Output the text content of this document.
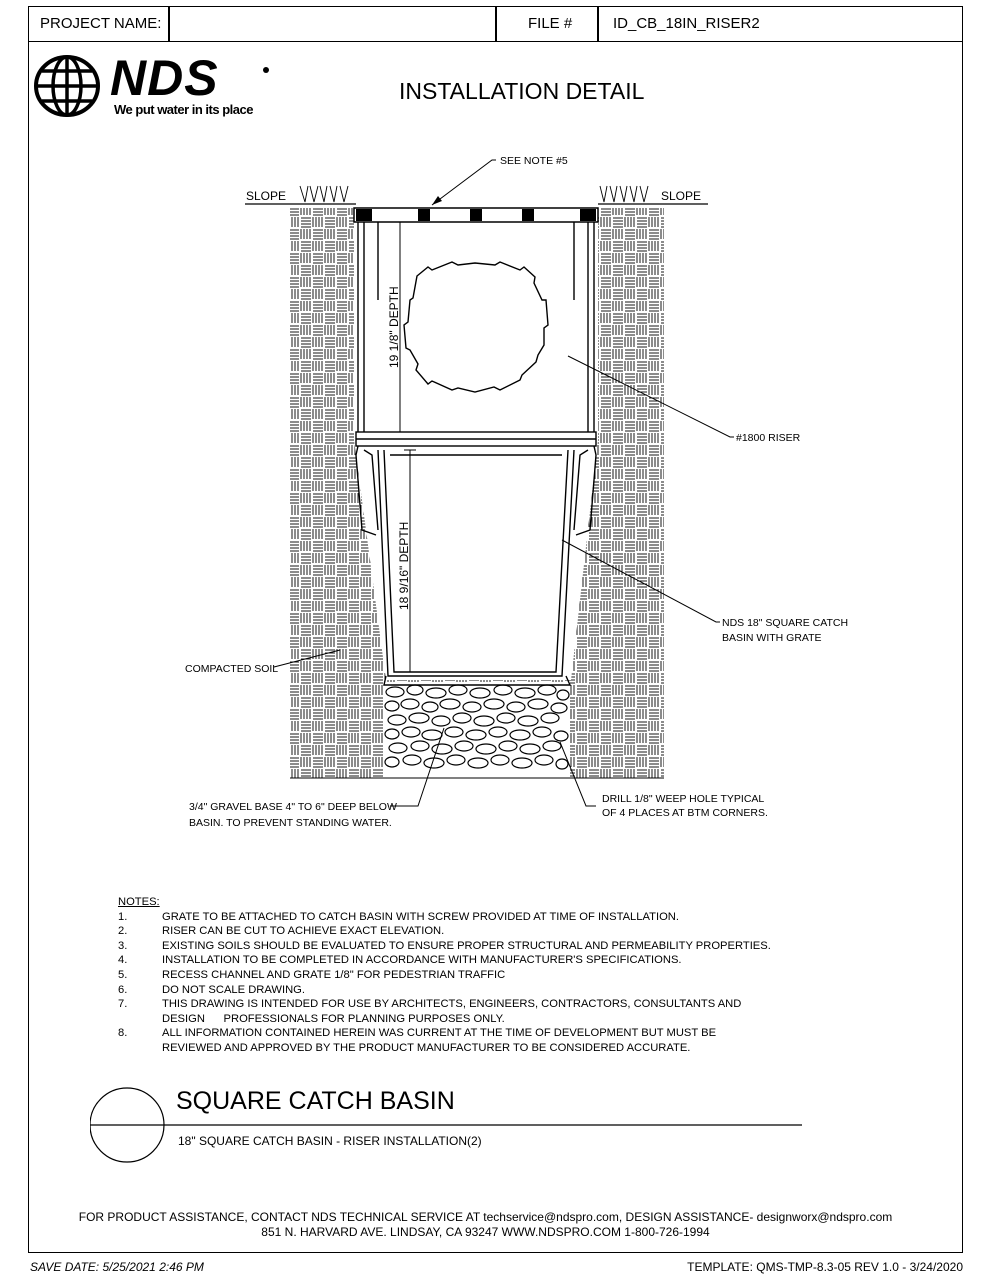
PROJECT NAME:	FILE #	ID_CB_18IN_RISER2
NDS
We put water in its place
INSTALLATION DETAIL
19 1/8" DEPTH
18 9/16" DEPTH
SLOPE	SLOPE
SEE NOTE #5
#1800 RISER
NDS 18" SQUARE CATCH
BASIN WITH GRATE
COMPACTED SOIL
3/4" GRAVEL BASE 4" TO 6" DEEP BELOW
BASIN. TO PREVENT STANDING WATER.
DRILL 1/8" WEEP HOLE TYPICAL
OF 4 PLACES AT BTM CORNERS.
NOTES:
1.	GRATE TO BE ATTACHED TO CATCH BASIN WITH SCREW PROVIDED AT TIME OF INSTALLATION.
2.	RISER CAN BE CUT TO ACHIEVE EXACT ELEVATION.
3.	EXISTING SOILS SHOULD BE EVALUATED TO ENSURE PROPER STRUCTURAL AND PERMEABILITY PROPERTIES.
4.	INSTALLATION TO BE COMPLETED IN ACCORDANCE WITH MANUFACTURER'S SPECIFICATIONS.
5.	RECESS CHANNEL AND GRATE 1/8" FOR PEDESTRIAN TRAFFIC
6.	DO NOT SCALE DRAWING.
7.	THIS DRAWING IS INTENDED FOR USE BY ARCHITECTS, ENGINEERS, CONTRACTORS, CONSULTANTS AND
DESIGN      PROFESSIONALS FOR PLANNING PURPOSES ONLY.
8.	ALL INFORMATION CONTAINED HEREIN WAS CURRENT AT THE TIME OF DEVELOPMENT BUT MUST BE
REVIEWED AND APPROVED BY THE PRODUCT MANUFACTURER TO BE CONSIDERED ACCURATE.
SQUARE CATCH BASIN
18" SQUARE CATCH BASIN - RISER INSTALLATION(2)
FOR PRODUCT ASSISTANCE, CONTACT NDS TECHNICAL SERVICE AT techservice@ndspro.com, DESIGN ASSISTANCE- designworx@ndspro.com
851 N. HARVARD AVE. LINDSAY, CA 93247 WWW.NDSPRO.COM 1-800-726-1994
SAVE DATE: 5/25/2021 2:46 PM	TEMPLATE: QMS-TMP-8.3-05 REV 1.0 - 3/24/2020
